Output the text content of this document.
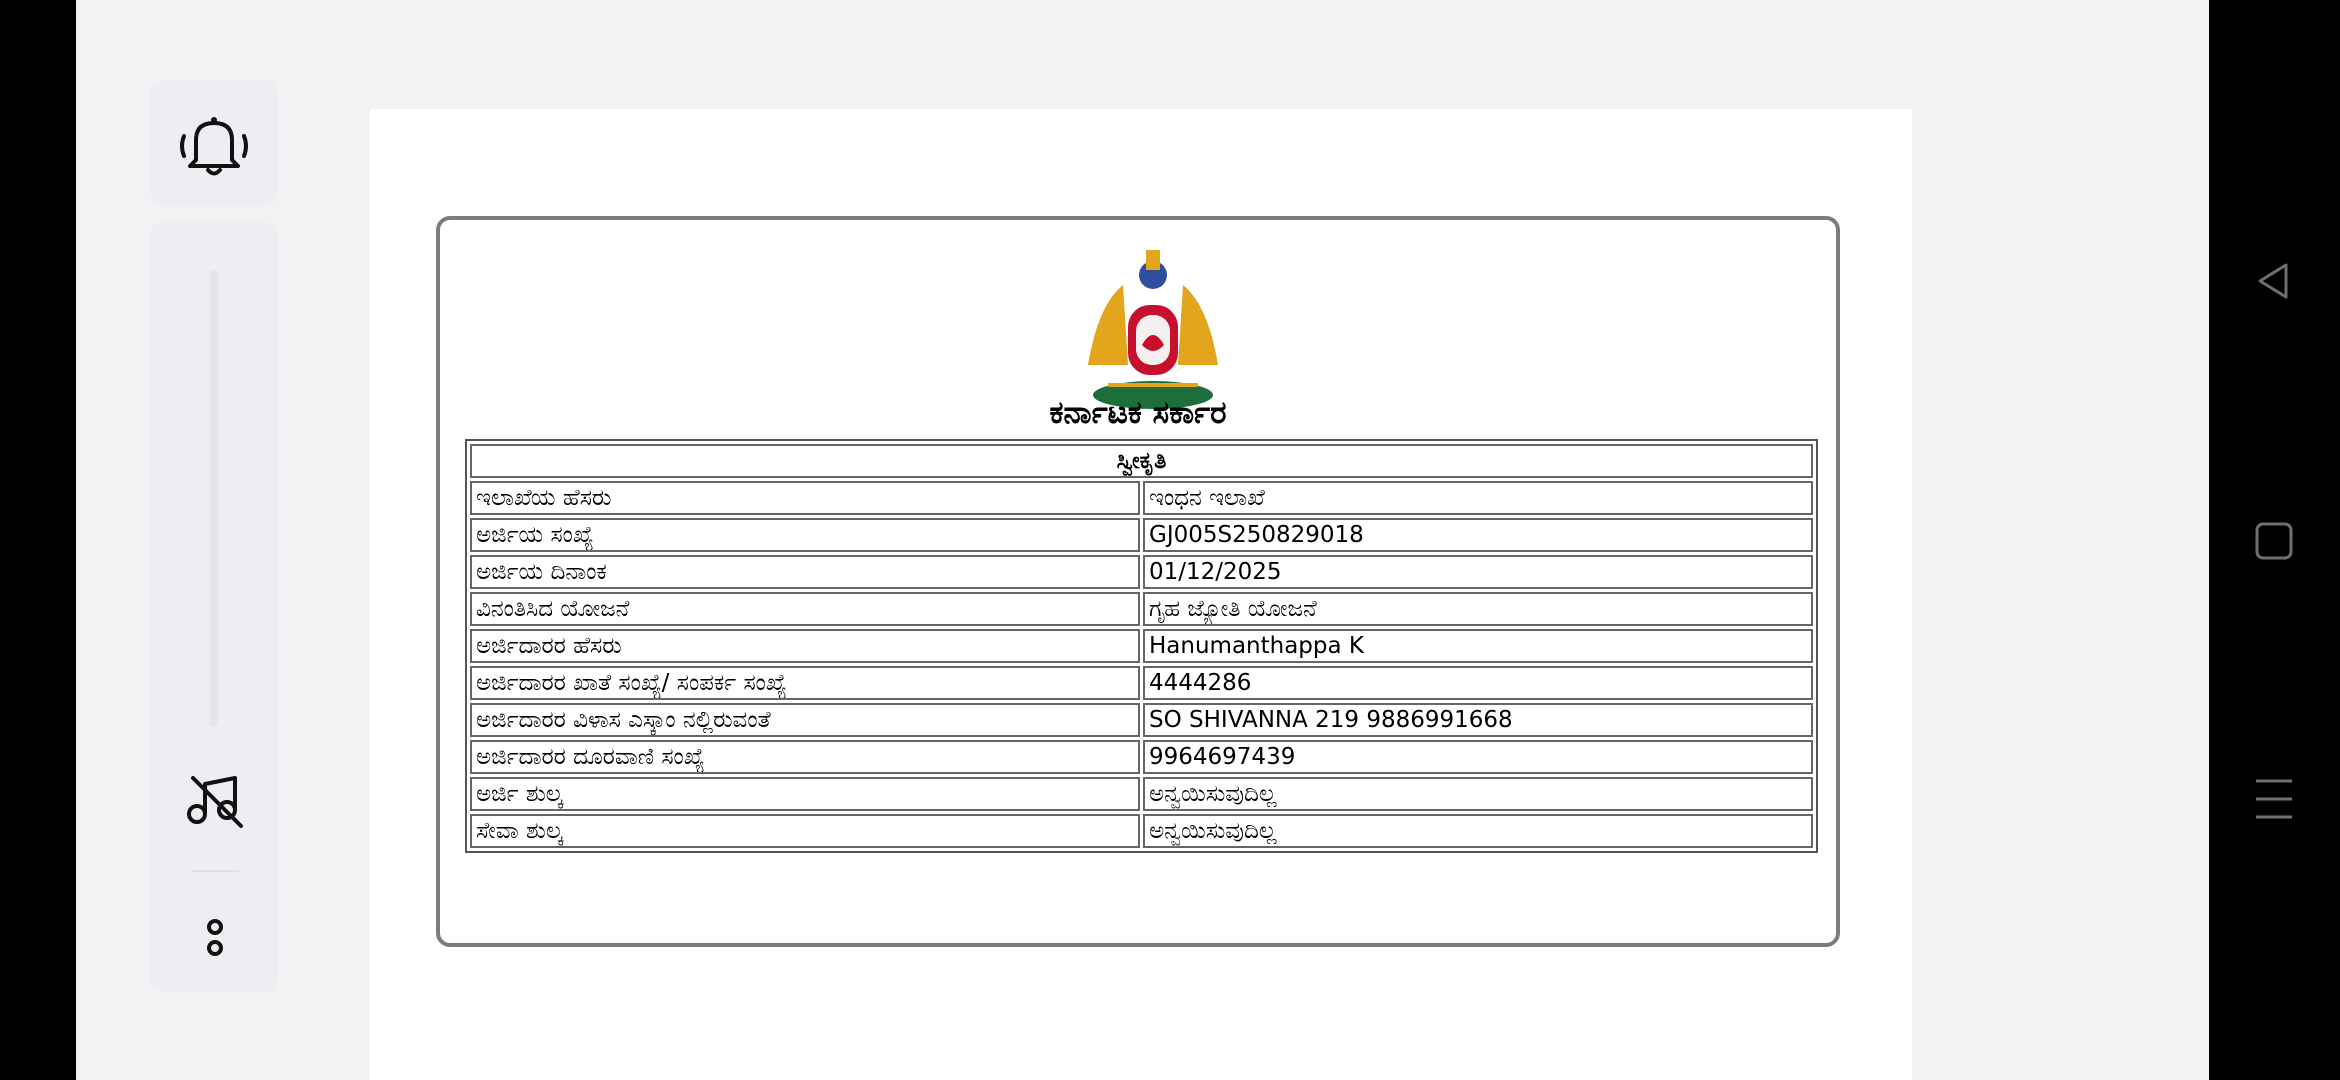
ಕರ್ನಾಟಕ ಸರ್ಕಾರ
ಸ್ವೀಕೃತಿ	
ಇಲಾಖೆಯ ಹೆಸರು	ಇಂಧನ ಇಲಾಖೆ
ಅರ್ಜಿಯ ಸಂಖ್ಯೆ	GJ005S250829018
ಅರ್ಜಿಯ ದಿನಾಂಕ	01/12/2025
ವಿನಂತಿಸಿದ ಯೋಜನೆ	ಗೃಹ ಜ್ಯೋತಿ ಯೋಜನೆ
ಅರ್ಜಿದಾರರ ಹೆಸರು	Hanumanthappa K
ಅರ್ಜಿದಾರರ ಖಾತೆ ಸಂಖ್ಯೆ/ ಸಂಪರ್ಕ ಸಂಖ್ಯೆ	4444286
ಅರ್ಜಿದಾರರ ವಿಳಾಸ ಎಸ್ಕಾಂ ನಲ್ಲಿರುವಂತೆ	SO SHIVANNA 219 9886991668
ಅರ್ಜಿದಾರರ ದೂರವಾಣಿ ಸಂಖ್ಯೆ	9964697439
ಅರ್ಜಿ ಶುಲ್ಕ	ಅನ್ವಯಿಸುವುದಿಲ್ಲ
ಸೇವಾ ಶುಲ್ಕ	ಅನ್ವಯಿಸುವುದಿಲ್ಲ
